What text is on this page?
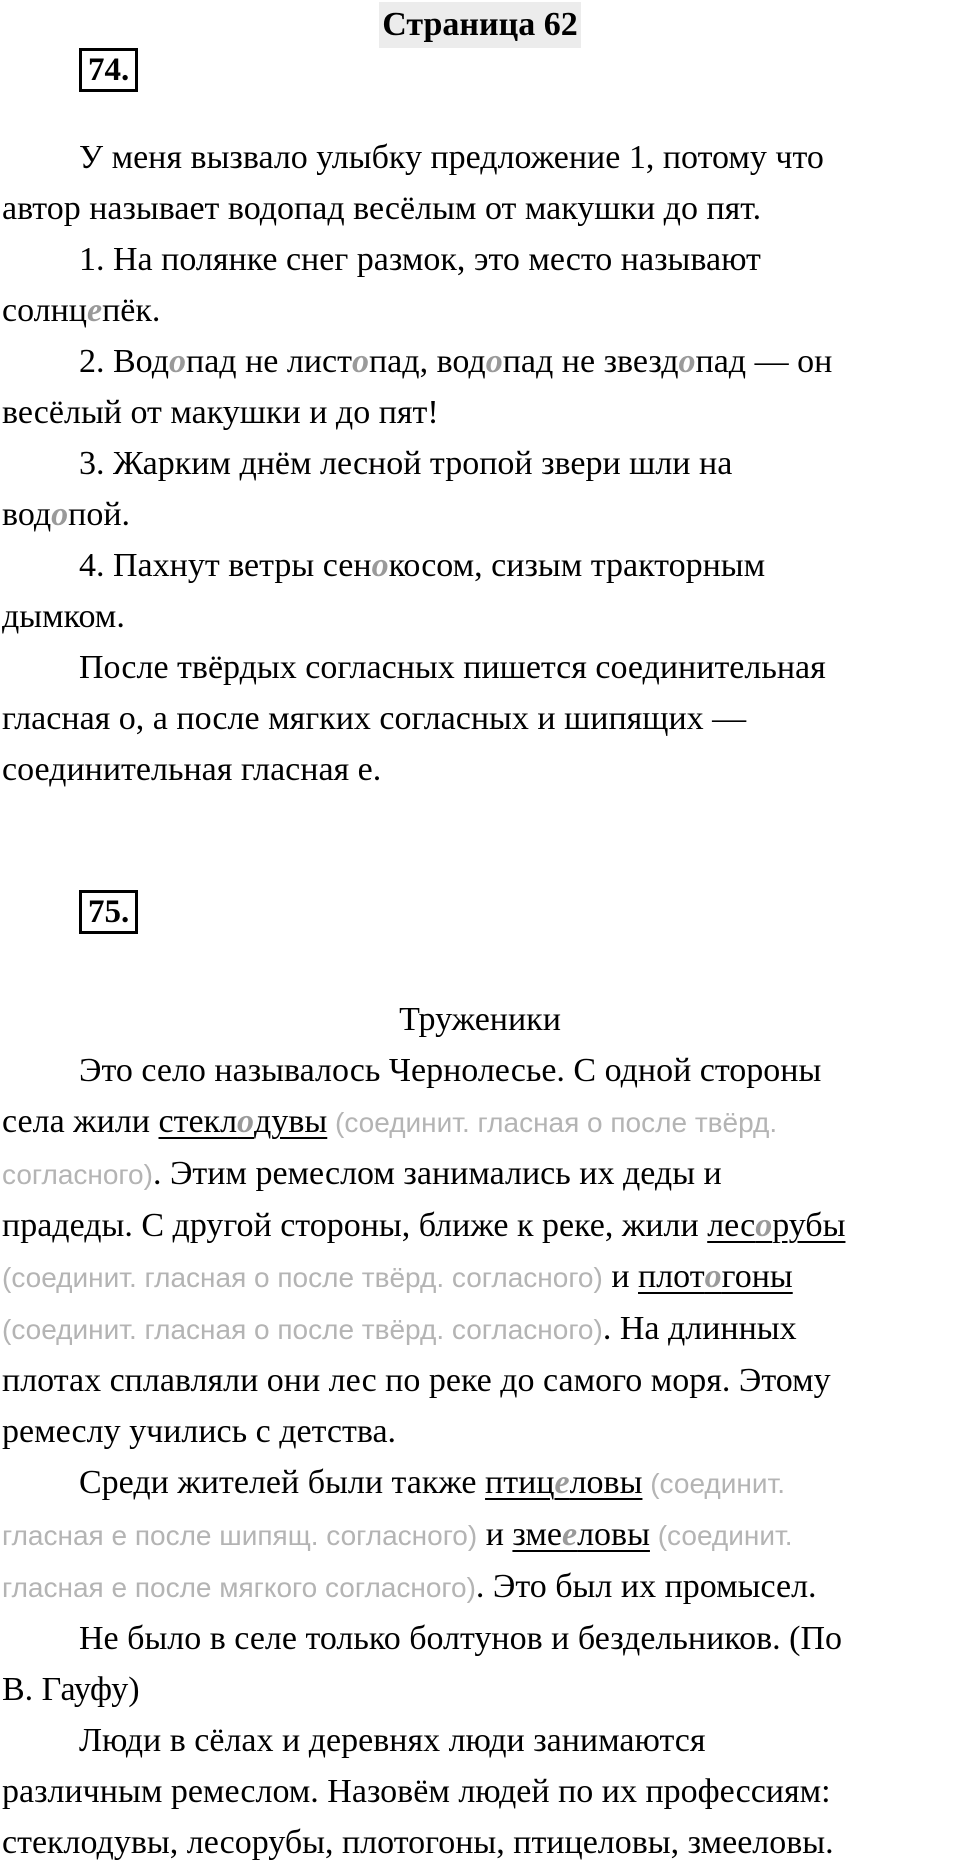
Страница 62
74.
У меня вызвало улыбку предложение 1, потому что
автор называет водопад весёлым от макушки до пят.
1. На полянке снег размок, это место называют
солнцепёк.
2. Водопад не листопад, водопад не звездопад — он
весёлый от макушки и до пят!
3. Жарким днём лесной тропой звери шли на
водопой.
4. Пахнут ветры сенокосом, сизым тракторным
дымком.
После твёрдых согласных пишется соединительная
гласная о, а после мягких согласных и шипящих —
соединительная гласная е.
75.
Труженики
Это село называлось Чернолесье. С одной стороны
села жили стеклодувы (соединит. гласная о после твёрд.
согласного). Этим ремеслом занимались их деды и
прадеды. С другой стороны, ближе к реке, жили лесорубы
(соединит. гласная о после твёрд. согласного) и плотогоны
(соединит. гласная о после твёрд. согласного). На длинных
плотах сплавляли они лес по реке до самого моря. Этому
ремеслу учились с детства.
Среди жителей были также птицеловы (соединит.
гласная е после шипящ. согласного) и змееловы (соединит.
гласная е после мягкого согласного). Это был их промысел.
Не было в селе только болтунов и бездельников. (По
В. Гауфу)
Люди в сёлах и деревнях люди занимаются
различным ремеслом. Назовём людей по их профессиям:
стеклодувы, лесорубы, плотогоны, птицеловы, змееловы.
